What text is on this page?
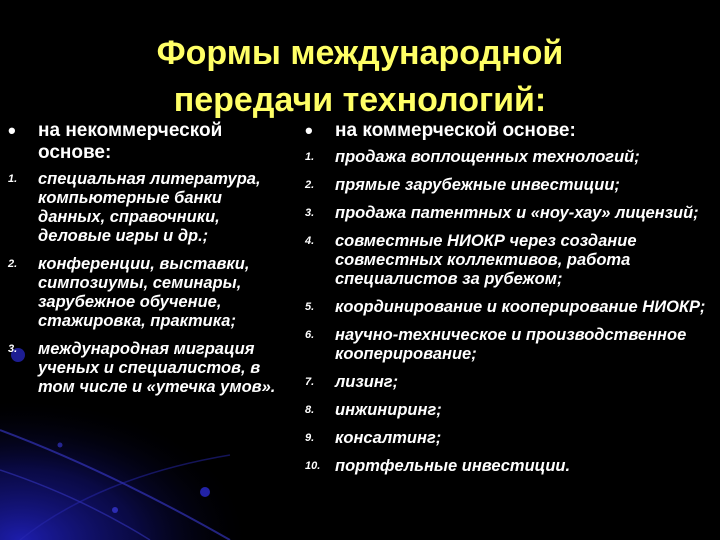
Формы международной
передачи технологий:
•	на некоммерческой основе:
1.	специальная литература, компьютерные банки данных, справочники, деловые игры и др.;
2.	конференции, выставки, симпозиумы, семинары, зарубежное обучение, стажировка, практика;
3.	международная миграция ученых и специалистов, в том числе и «утечка умов».
•	на коммерческой основе:
1.	продажа воплощенных технологий;
2.	прямые зарубежные инвестиции;
3.	продажа патентных и «ноу-хау» лицензий;
4.	совместные НИОКР через создание совместных коллективов, работа специалистов за рубежом;
5.	координирование и кооперирование НИОКР;
6.	научно-техническое и производственное кооперирование;
7.	лизинг;
8.	инжиниринг;
9.	консалтинг;
10. портфельные инвестиции.
